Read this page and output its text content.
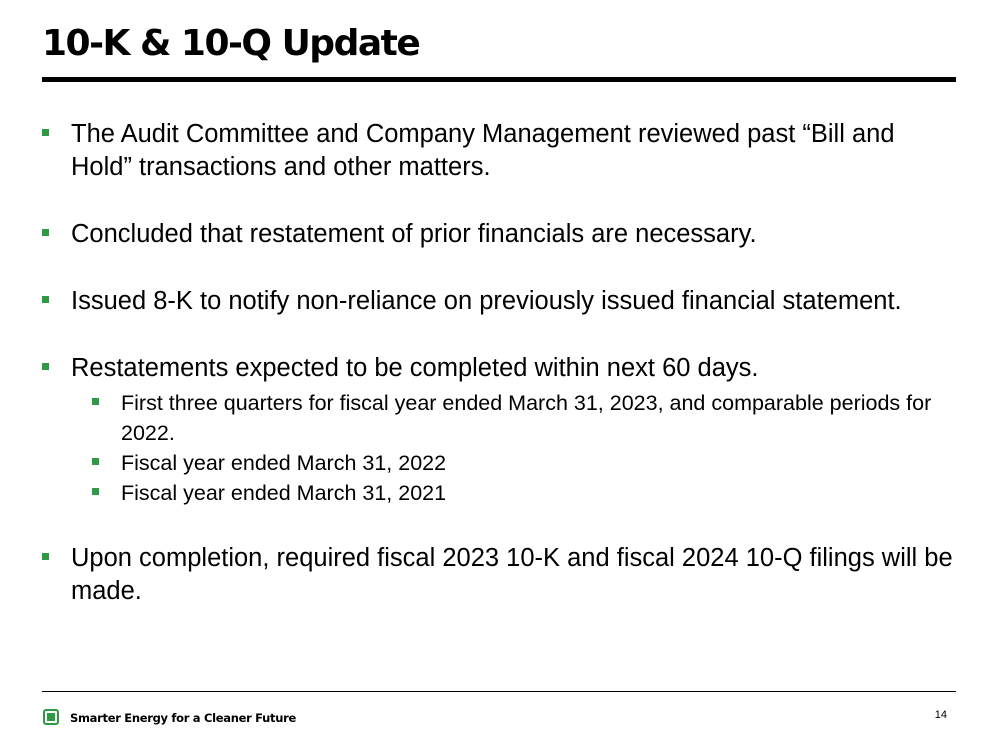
10-K & 10-Q Update
The Audit Committee and Company Management reviewed past “Bill and Hold” transactions and other matters.
Concluded that restatement of prior financials are necessary.
Issued 8-K to notify non-reliance on previously issued financial statement.
Restatements expected to be completed within next 60 days.
First three quarters for fiscal year ended March 31, 2023, and comparable periods for 2022.
Fiscal year ended March 31, 2022
Fiscal year ended March 31, 2021
Upon completion, required fiscal 2023 10-K and fiscal 2024 10-Q filings will be made.
Smarter Energy for a Cleaner Future	14
